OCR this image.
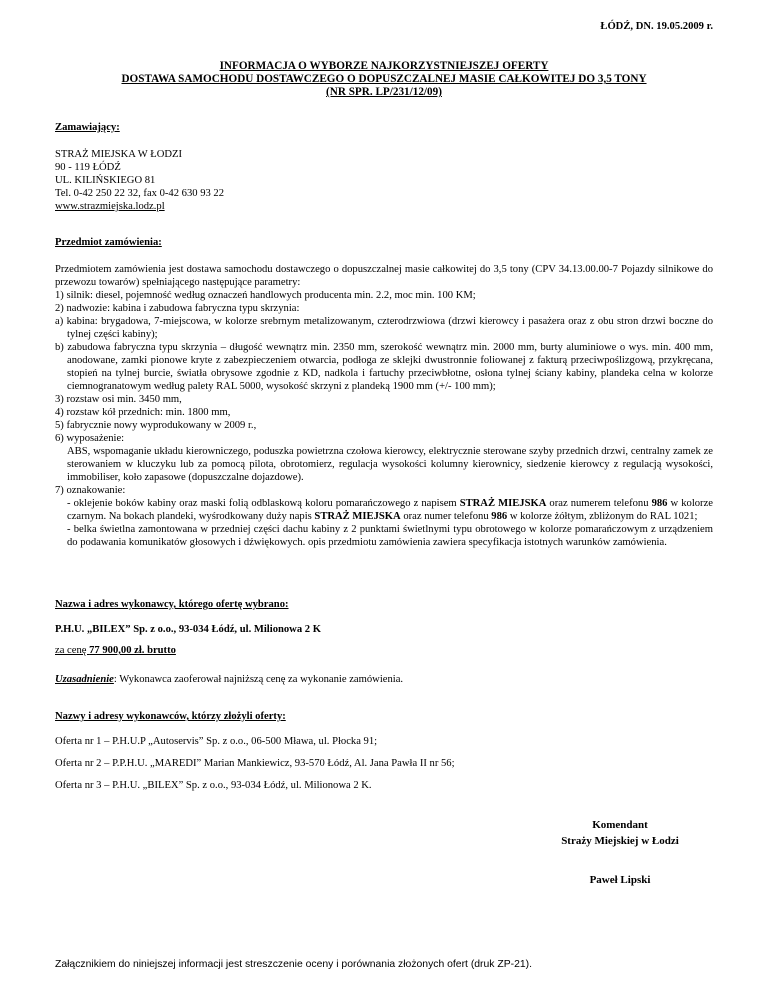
ŁÓDŹ, DN. 19.05.2009 r.
INFORMACJA O WYBORZE NAJKORZYSTNIEJSZEJ OFERTY
DOSTAWA SAMOCHODU DOSTAWCZEGO O DOPUSZCZALNEJ MASIE CAŁKOWITEJ DO 3,5 TONY
(NR SPR. LP/231/12/09)

Zamawiający:

STRAŻ MIEJSKA W ŁODZI

90 - 119 ŁÓDŹ

UL. KILIŃSKIEGO 81

Tel. 0-42 250 22 32, fax 0-42 630 93 22

www.strazmiejska.lodz.pl

Przedmiot zamówienia:

Przedmiotem zamówienia jest dostawa samochodu dostawczego o dopuszczalnej masie całkowitej do 3,5 tony (CPV 34.13.00.00-7 Pojazdy silnikowe do przewozu towarów) spełniającego następujące parametry:

1) silnik: diesel, pojemność według oznaczeń handlowych producenta min. 2.2, moc min. 100 KM;

2) nadwozie: kabina i zabudowa fabryczna typu skrzynia:

a) kabina: brygadowa, 7-miejscowa, w kolorze srebrnym metalizowanym, czterodrzwiowa (drzwi kierowcy i pasażera oraz z obu stron drzwi boczne do tylnej części kabiny);

b) zabudowa fabryczna typu skrzynia – długość wewnątrz min. 2350 mm, szerokość wewnątrz min. 2000 mm, burty aluminiowe o wys. min. 400 mm, anodowane, zamki pionowe kryte z zabezpieczeniem otwarcia, podłoga ze sklejki dwustronnie foliowanej z fakturą przeciwpoślizgową, przykręcana, stopień na tylnej burcie, światła obrysowe zgodnie z KD, nadkola i fartuchy przeciwbłotne, osłona tylnej ściany kabiny, plandeka celna w kolorze ciemnogranatowym według palety RAL 5000, wysokość skrzyni z plandeką 1900 mm (+/- 100 mm);

3) rozstaw osi min. 3450 mm,

4) rozstaw kół przednich: min. 1800 mm,

5) fabrycznie nowy wyprodukowany w 2009 r.,

6) wyposażenie:

ABS, wspomaganie układu kierowniczego, poduszka powietrzna czołowa kierowcy, elektrycznie sterowane szyby przednich drzwi, centralny zamek ze sterowaniem w kluczyku lub za pomocą pilota, obrotomierz, regulacja wysokości kolumny kierownicy, siedzenie kierowcy z regulacją wysokości, immobiliser, koło zapasowe (dopuszczalne dojazdowe).

7) oznakowanie:

- oklejenie boków kabiny oraz maski folią odblaskową koloru pomarańczowego z napisem STRAŻ MIEJSKA oraz numerem telefonu 986 w kolorze czarnym. Na bokach plandeki, wyśrodkowany duży napis STRAŻ MIEJSKA oraz numer telefonu 986 w kolorze żółtym, zbliżonym do RAL 1021;

- belka świetlna zamontowana w przedniej części dachu kabiny z 2 punktami świetlnymi typu obrotowego w kolorze pomarańczowym z urządzeniem do podawania komunikatów głosowych i dźwiękowych. opis przedmiotu zamówienia zawiera specyfikacja istotnych warunków zamówienia.

Nazwa i adres wykonawcy, którego ofertę wybrano:

P.H.U. „BILEX” Sp. z o.o., 93-034 Łódź, ul. Milionowa 2 K

za cenę 77 900,00 zł. brutto

Uzasadnienie: Wykonawca zaoferował najniższą cenę za wykonanie zamówienia.

Nazwy i adresy wykonawców, którzy złożyli oferty:

Oferta nr 1 – P.H.U.P „Autoservis” Sp. z o.o., 06-500 Mława, ul. Płocka 91;

Oferta nr 2 – P.P.H.U. „MAREDI” Marian Mankiewicz, 93-570 Łódź, Al. Jana Pawła II nr 56;

Oferta nr 3 – P.H.U. „BILEX” Sp. z o.o., 93-034 Łódź, ul. Milionowa 2 K.

Komendant
Straży Miejskiej w Łodzi
Paweł Lipski
Załącznikiem do niniejszej informacji jest streszczenie oceny i porównania złożonych ofert (druk ZP-21).
